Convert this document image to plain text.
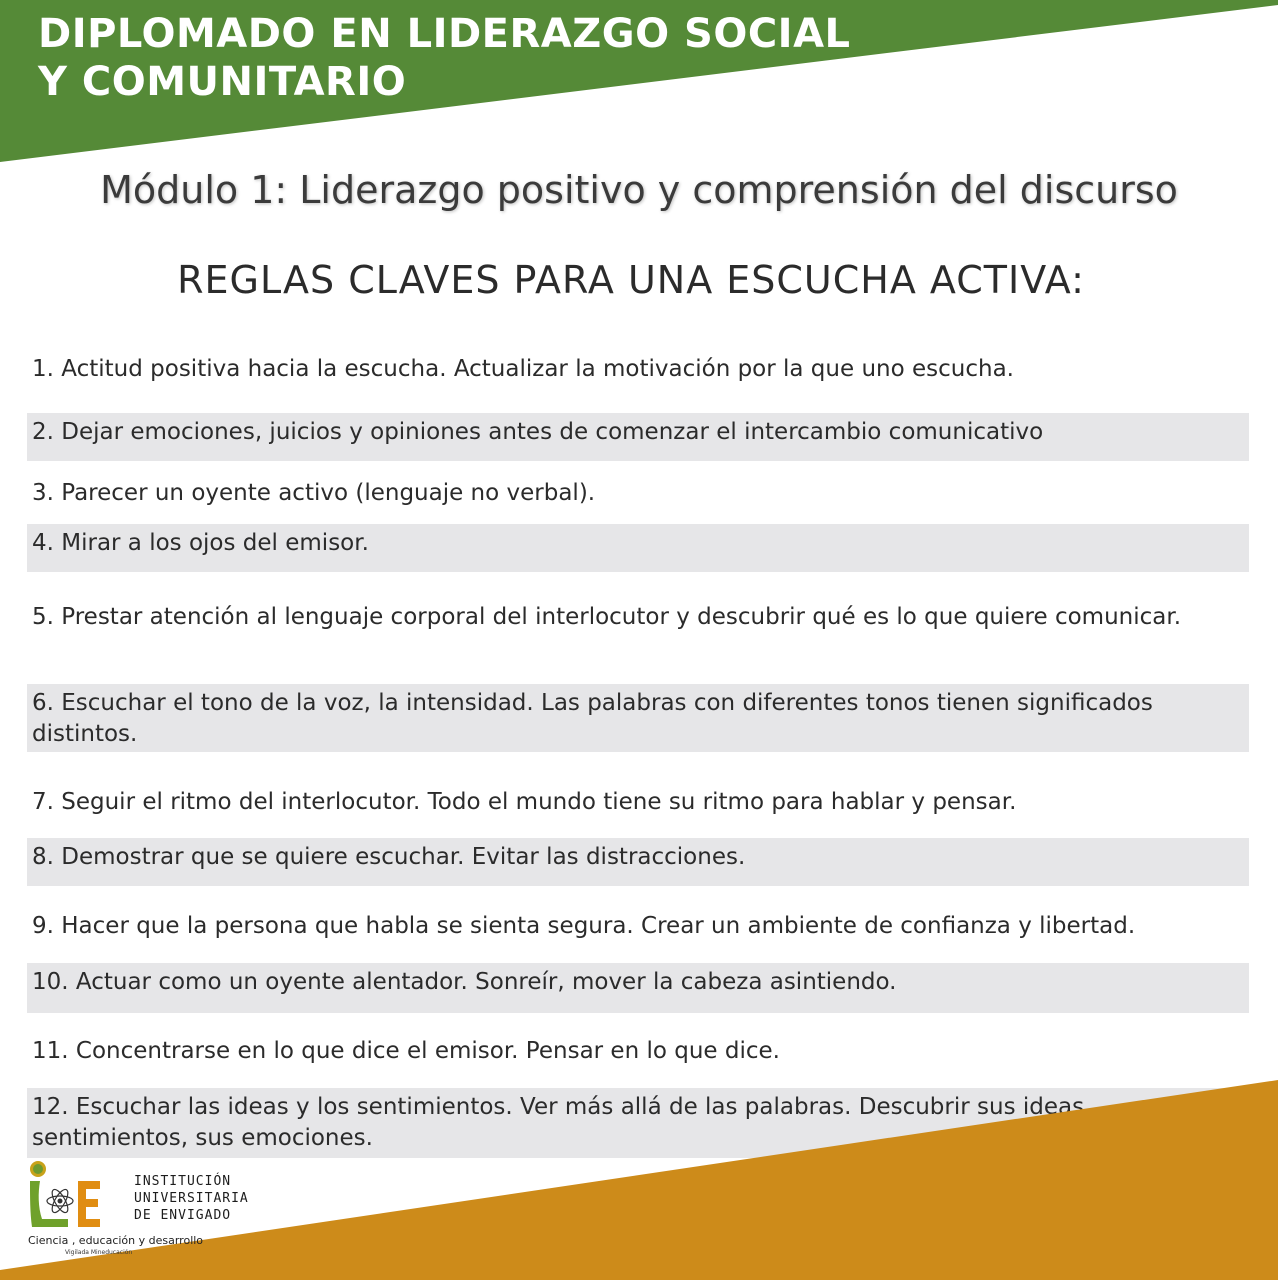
DIPLOMADO EN LIDERAZGO SOCIAL
Y COMUNITARIO
Módulo 1: Liderazgo positivo y comprensión del discurso
REGLAS CLAVES PARA UNA ESCUCHA ACTIVA:
1. Actitud positiva hacia la escucha. Actualizar la motivación por la que uno escucha.
2. Dejar emociones, juicios y opiniones antes de comenzar el intercambio comunicativo
3. Parecer un oyente activo (lenguaje no verbal).
4. Mirar a los ojos del emisor.
5. Prestar atención al lenguaje corporal del interlocutor y descubrir qué es lo que quiere comunicar.
6. Escuchar el tono de la voz, la intensidad. Las palabras con diferentes tonos tienen significados distintos.
7. Seguir el ritmo del interlocutor. Todo el mundo tiene su ritmo para hablar y pensar.
8. Demostrar que se quiere escuchar. Evitar las distracciones.
9. Hacer que la persona que habla se sienta segura. Crear un ambiente de confianza y libertad.
10. Actuar como un oyente alentador. Sonreír, mover la cabeza asintiendo.
11. Concentrarse en lo que dice el emisor. Pensar en lo que dice.
12. Escuchar las ideas y los sentimientos. Ver más allá de las palabras. Descubrir sus ideas, sentimientos, sus emociones.

INSTITUCIÓN
UNIVERSITARIA
DE ENVIGADO

Ciencia , educación y desarrollo
Vigilada Mineducación
